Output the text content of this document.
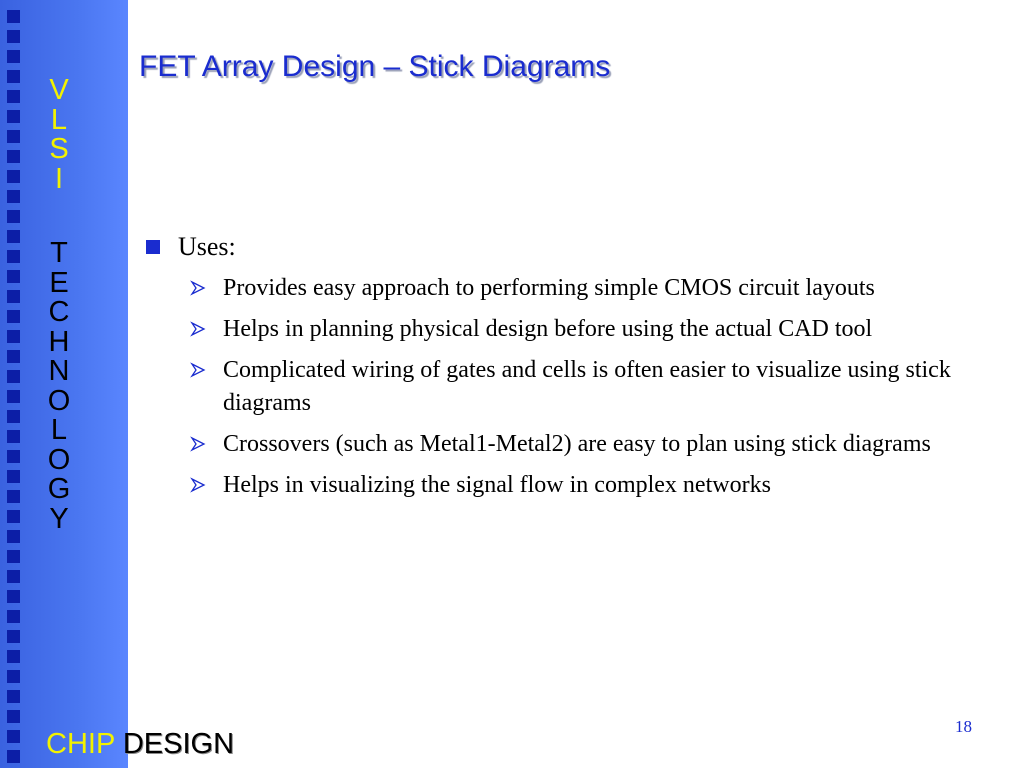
V
L
S
I
T
E
C
H
N
O
L
O
G
Y
CHIP DESIGN
FET Array Design – Stick Diagrams
Uses:
Provides easy approach to performing simple CMOS circuit layouts
Helps in planning physical design before using the actual CAD tool
Complicated wiring of gates and cells is often easier to visualize using stick diagrams
Crossovers (such as Metal1-Metal2) are easy to plan using stick diagrams
Helps in visualizing the signal flow in complex networks
18
